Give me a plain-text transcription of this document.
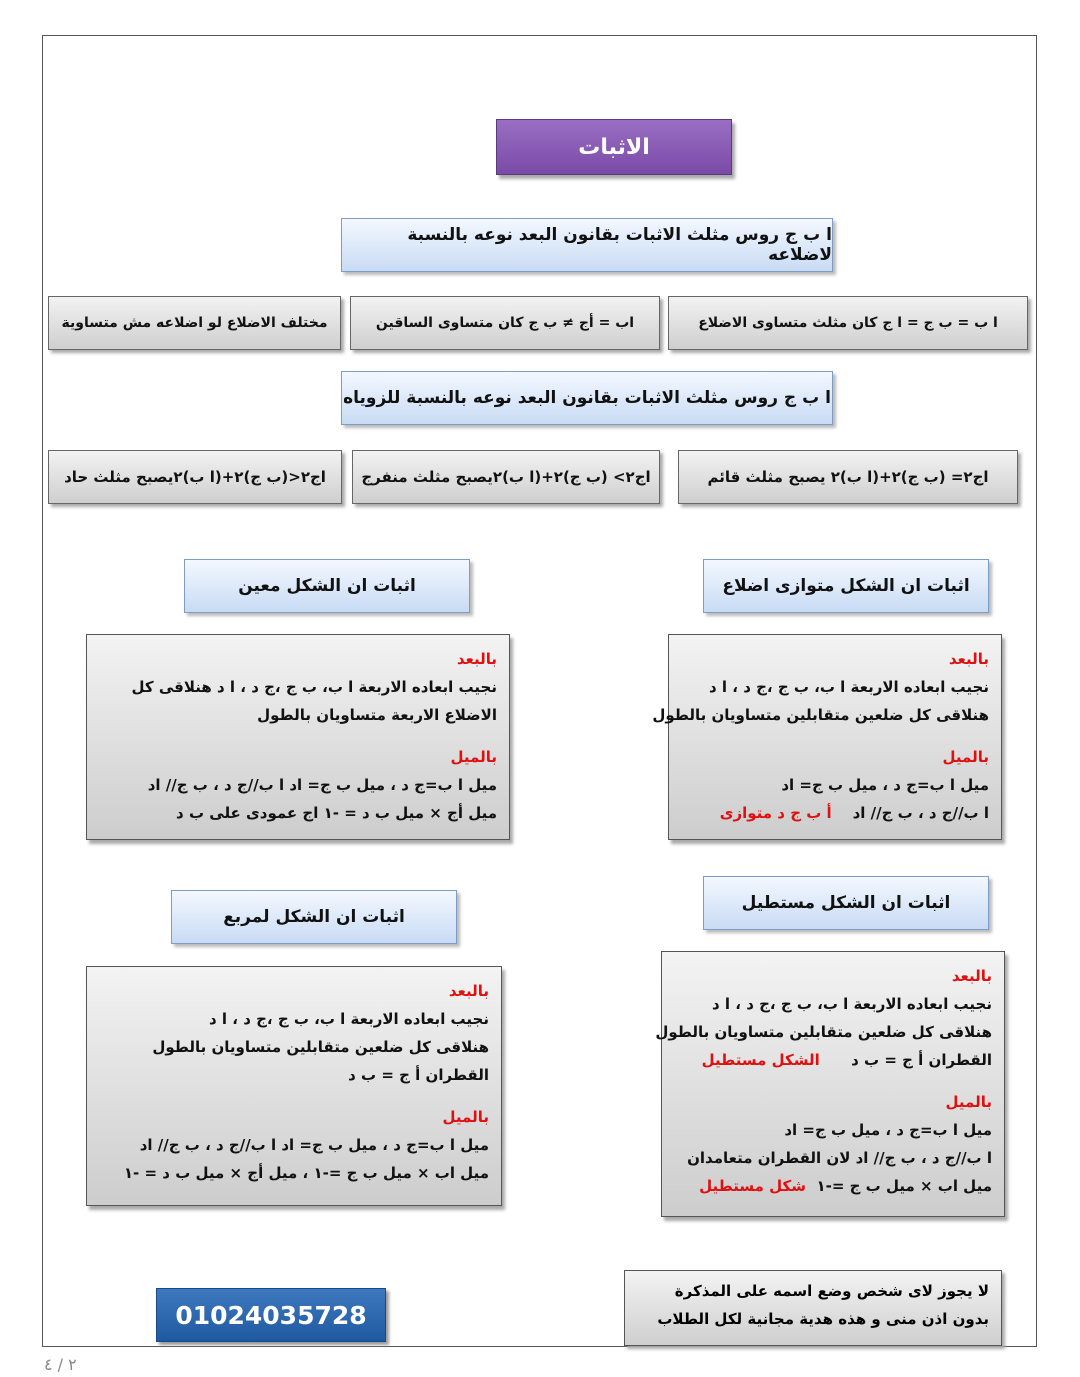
الاثبات
ا ب ج روس مثلث الاثبات بقانون البعد نوعه بالنسبة لاضلاعه
ا ب = ب ج = ا ج كان مثلث متساوى الاضلاع
اب = أج ≠ ب ج كان متساوى الساقين
مختلف الاضلاع لو اضلاعه مش متساوية
ا ب ج روس مثلث الاثبات بقانون البعد نوعه بالنسبة للزوياه
اج٢= (ب ج)٢+(ا ب)٢ يصبح مثلث قائم
اج٢> (ب ج)٢+(ا ب)٢يصبح مثلث منفرج
اج٢<(ب ج)٢+(ا ب)٢يصبح مثلث حاد
اثبات ان الشكل متوازى اضلاع
بالبعد
نجيب ابعاده الاربعة ا ب، ب ج ،ج د ، ا د
هنلاقى كل ضلعين متقابلين متساويان بالطول
بالميل
ميل ا ب=ج د ، ميل ب ج= اد
ا ب//ج د ، ب ج// اد    أ ب ج د متوازى
اثبات ان الشكل معين
بالبعد
نجيب ابعاده الاربعة ا ب، ب ج ،ج د ، ا د هنلاقى كل
الاضلاع الاربعة متساويان بالطول
بالميل
ميل ا ب=ج د ، ميل ب ج= اد ا ب//ج د ، ب ج// اد
ميل أج × ميل ب د = -١ اج عمودى على ب د
اثبات ان الشكل مستطيل
بالبعد
نجيب ابعاده الاربعة ا ب، ب ج ،ج د ، ا د
هنلاقى كل ضلعين متقابلين متساويان بالطول
القطران أ ج = ب د      الشكل مستطيل
بالميل
ميل ا ب=ج د ، ميل ب ج= اد
ا ب//ج د ، ب ج// اد لان القطران متعامدان
ميل اب × ميل ب ج =-١  شكل مستطيل
اثبات ان الشكل لمربع
بالبعد
نجيب ابعاده الاربعة ا ب، ب ج ،ج د ، ا د
هنلاقى كل ضلعين متقابلين متساويان بالطول
القطران أ ج = ب د
بالميل
ميل ا ب=ج د ، ميل ب ج= اد ا ب//ج د ، ب ج// اد
ميل اب × ميل ب ج =-١ ، ميل أج × ميل ب د = -١
01024035728
لا يجوز لاى شخص وضع اسمه على المذكرة
بدون اذن منى و هذه هدية مجانية لكل الطلاب
٢ / ٤
